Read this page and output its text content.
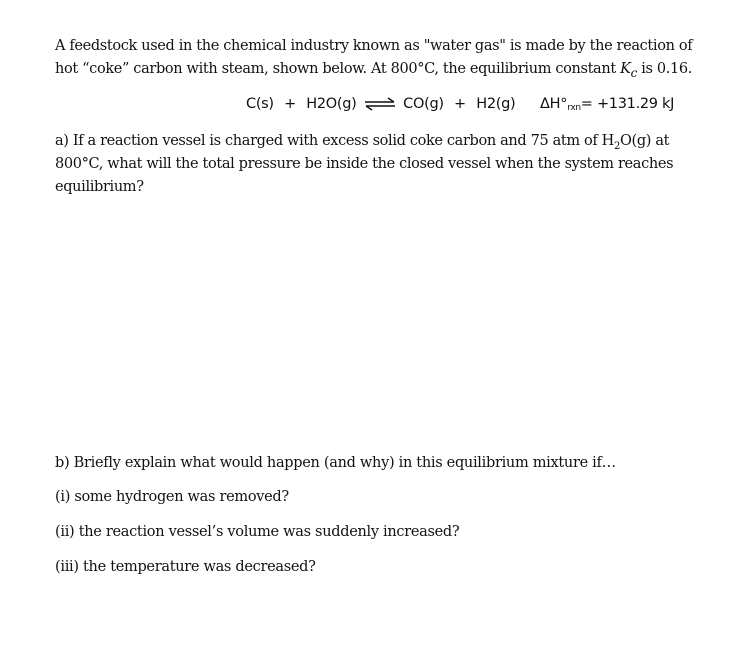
A feedstock used in the chemical industry known as "water gas" is made by the reaction of hot “coke” carbon with steam, shown below. At 800°C, the equilibrium constant $K_c$ is 0.16.

C(s) + H2O(g) ⇌ CO(g) + H2(g) $\Delta H^\circ_{rxn}= +131.29$ kJ

a) If a reaction vessel is charged with excess solid coke carbon and 75 atm of $H_2O(g)$ at 800°C, what will the total pressure be inside the closed vessel when the system reaches equilibrium?

b) Briefly explain what would happen (and why) in this equilibrium mixture if…

(i) some hydrogen was removed?

(ii) the reaction vessel’s volume was suddenly increased?

(iii) the temperature was decreased?
